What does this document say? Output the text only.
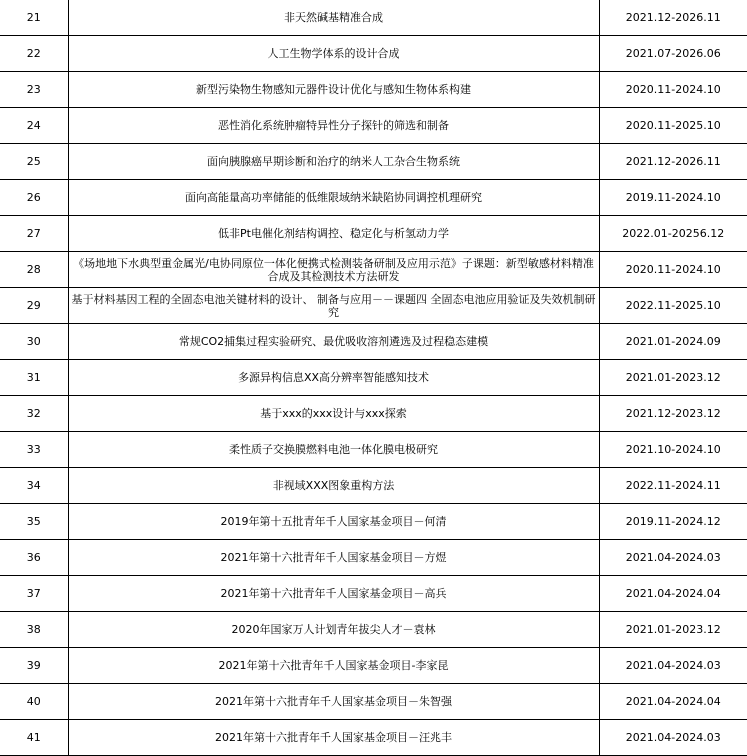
21	非天然碱基精准合成	2021.12-2026.11
22	人工生物学体系的设计合成	2021.07-2026.06
23	新型污染物生物感知元器件设计优化与感知生物体系构建	2020.11-2024.10
24	恶性消化系统肿瘤特异性分子探针的筛选和制备	2020.11-2025.10
25	面向胰腺癌早期诊断和治疗的纳米人工杂合生物系统	2021.12-2026.11
26	面向高能量高功率储能的低维限域纳米缺陷协同调控机理研究	2019.11-2024.10
27	低非Pt电催化剂结构调控、稳定化与析氢动力学	2022.01-20256.12
28	《场地地下水典型重金属光/电协同原位一体化便携式检测装备研制及应用示范》子课题：新型敏感材料精准合成及其检测技术方法研发	2020.11-2024.10
29	基于材料基因工程的全固态电池关键材料的设计、 制备与应用－－课题四 全固态电池应用验证及失效机制研究	2022.11-2025.10
30	常规CO2捕集过程实验研究、最优吸收溶剂遴选及过程稳态建模	2021.01-2024.09
31	多源异构信息XX高分辨率智能感知技术	2021.01-2023.12
32	基于xxx的xxx设计与xxx探索	2021.12-2023.12
33	柔性质子交换膜燃料电池一体化膜电极研究	2021.10-2024.10
34	非视域XXX图象重构方法	2022.11-2024.11
35	2019年第十五批青年千人国家基金项目－何清	2019.11-2024.12
36	2021年第十六批青年千人国家基金项目－方煜	2021.04-2024.03
37	2021年第十六批青年千人国家基金项目－高兵	2021.04-2024.04
38	2020年国家万人计划青年拔尖人才－袁林	2021.01-2023.12
39	2021年第十六批青年千人国家基金项目-李家昆	2021.04-2024.03
40	2021年第十六批青年千人国家基金项目－朱智强	2021.04-2024.04
41	2021年第十六批青年千人国家基金项目－汪兆丰	2021.04-2024.03
